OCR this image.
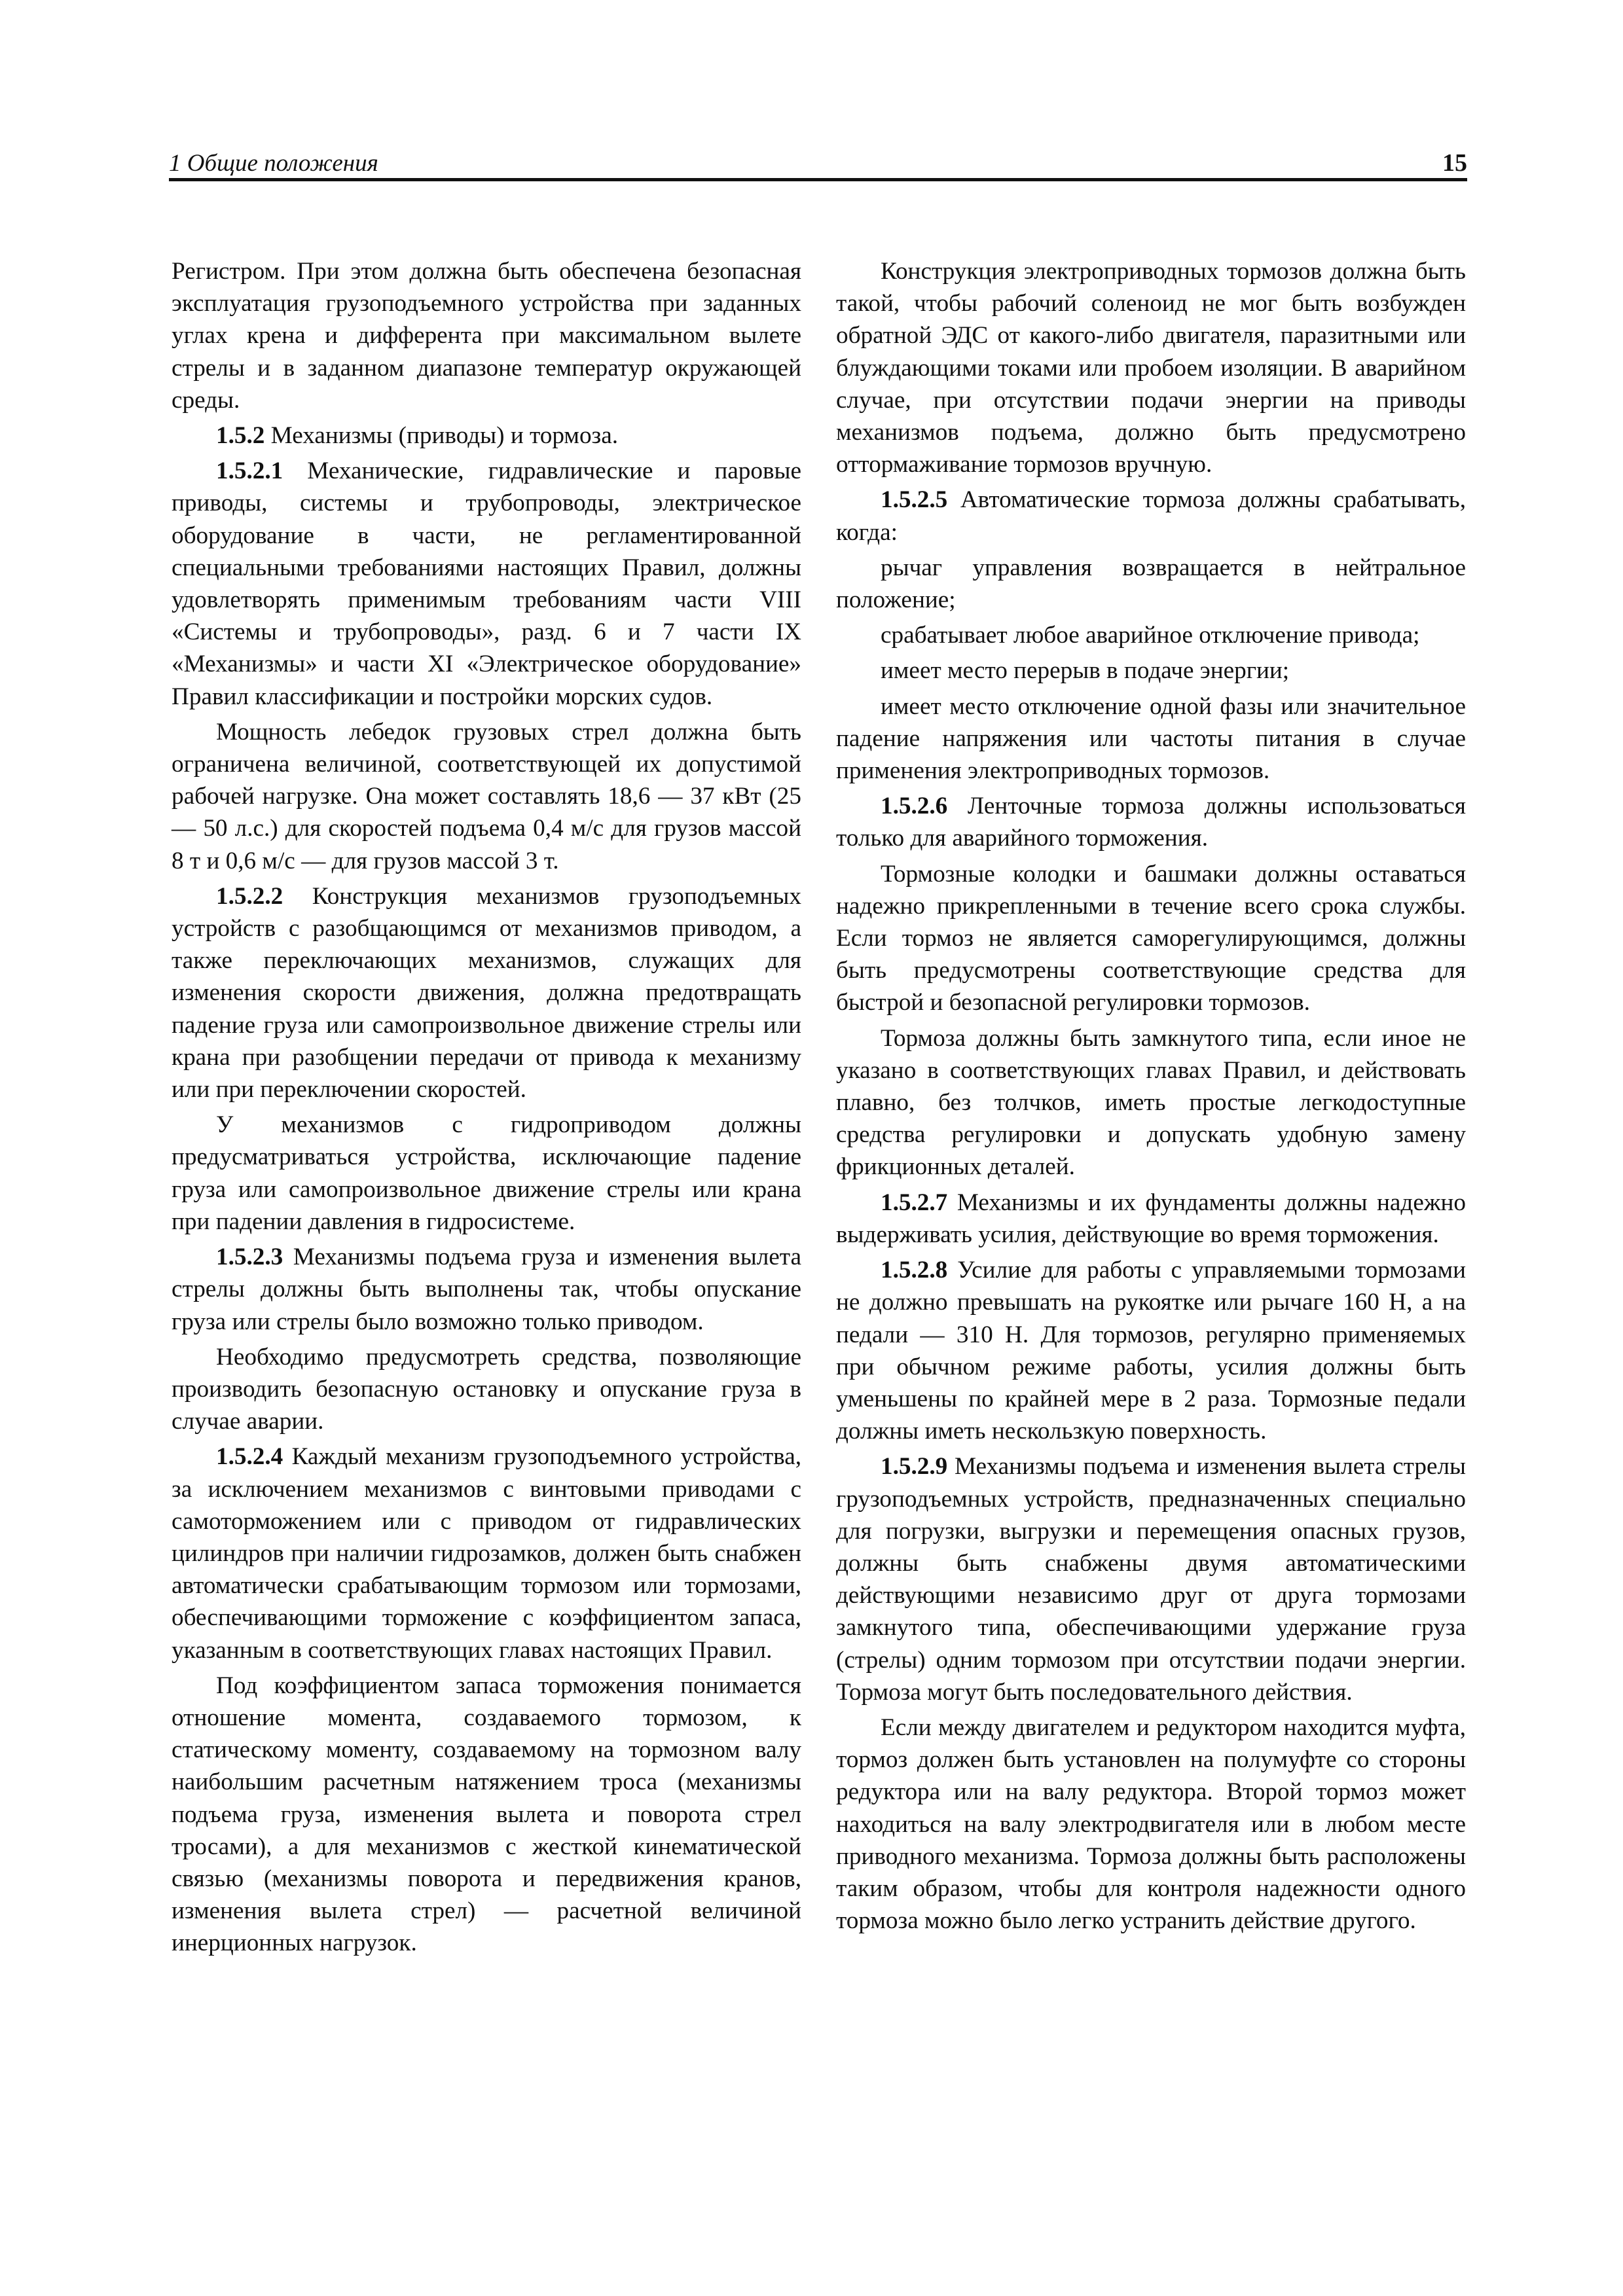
1 Общие положения	15

Регистром. При этом должна быть обеспечена безопасная эксплуатация грузоподъемного устройства при заданных углах крена и дифферента при максимальном вылете стрелы и в заданном диапазоне температур окружающей среды.

1.5.2 Механизмы (приводы) и тормоза.

1.5.2.1 Механические, гидравлические и паровые приводы, системы и трубопроводы, электрическое оборудование в части, не регламентированной специальными требованиями настоящих Правил, должны удовлетворять применимым требованиям части VIII «Системы и трубопроводы», разд. 6 и 7 части IX «Механизмы» и части XI «Электрическое оборудование» Правил классификации и постройки морских судов.

Мощность лебедок грузовых стрел должна быть ограничена величиной, соответствующей их допустимой рабочей нагрузке. Она может составлять 18,6 — 37 кВт (25 — 50 л.с.) для скоростей подъема 0,4 м/с для грузов массой 8 т и 0,6 м/с — для грузов массой 3 т.

1.5.2.2 Конструкция механизмов грузоподъемных устройств с разобщающимся от механизмов приводом, а также переключающих механизмов, служащих для изменения скорости движения, должна предотвращать падение груза или самопроизвольное движение стрелы или крана при разобщении передачи от привода к механизму или при переключении скоростей.

У механизмов с гидроприводом должны предусматриваться устройства, исключающие падение груза или самопроизвольное движение стрелы или крана при падении давления в гидросистеме.

1.5.2.3 Механизмы подъема груза и изменения вылета стрелы должны быть выполнены так, чтобы опускание груза или стрелы было возможно только приводом.

Необходимо предусмотреть средства, позволяющие производить безопасную остановку и опускание груза в случае аварии.

1.5.2.4 Каждый механизм грузоподъемного устройства, за исключением механизмов с винтовыми приводами с самоторможением или с приводом от гидравлических цилиндров при наличии гидрозамков, должен быть снабжен автоматически срабатывающим тормозом или тормозами, обеспечивающими торможение с коэффициентом запаса, указанным в соответствующих главах настоящих Правил.

Под коэффициентом запаса торможения понимается отношение момента, создаваемого тормозом, к статическому моменту, создаваемому на тормозном валу наибольшим расчетным натяжением троса (механизмы подъема груза, изменения вылета и поворота стрел тросами), а для механизмов с жесткой кинематической связью (механизмы поворота и передвижения кранов, изменения вылета стрел) — расчетной величиной инерционных нагрузок.

Конструкция электроприводных тормозов должна быть такой, чтобы рабочий соленоид не мог быть возбужден обратной ЭДС от какого-либо двигателя, паразитными или блуждающими токами или пробоем изоляции. В аварийном случае, при отсутствии подачи энергии на приводы механизмов подъема, должно быть предусмотрено оттормаживание тормозов вручную.

1.5.2.5 Автоматические тормоза должны срабатывать, когда:

рычаг управления возвращается в нейтральное положение;

срабатывает любое аварийное отключение привода;

имеет место перерыв в подаче энергии;

имеет место отключение одной фазы или значительное падение напряжения или частоты питания в случае применения электроприводных тормозов.

1.5.2.6 Ленточные тормоза должны использоваться только для аварийного торможения.

Тормозные колодки и башмаки должны оставаться надежно прикрепленными в течение всего срока службы. Если тормоз не является саморегулирующимся, должны быть предусмотрены соответствующие средства для быстрой и безопасной регулировки тормозов.

Тормоза должны быть замкнутого типа, если иное не указано в соответствующих главах Правил, и действовать плавно, без толчков, иметь простые легкодоступные средства регулировки и допускать удобную замену фрикционных деталей.

1.5.2.7 Механизмы и их фундаменты должны надежно выдерживать усилия, действующие во время торможения.

1.5.2.8 Усилие для работы с управляемыми тормозами не должно превышать на рукоятке или рычаге 160 Н, а на педали — 310 Н. Для тормозов, регулярно применяемых при обычном режиме работы, усилия должны быть уменьшены по крайней мере в 2 раза. Тормозные педали должны иметь нескользкую поверхность.

1.5.2.9 Механизмы подъема и изменения вылета стрелы грузоподъемных устройств, предназначенных специально для погрузки, выгрузки и перемещения опасных грузов, должны быть снабжены двумя автоматическими действующими независимо друг от друга тормозами замкнутого типа, обеспечивающими удержание груза (стрелы) одним тормозом при отсутствии подачи энергии. Тормоза могут быть последовательного действия.

Если между двигателем и редуктором находится муфта, тормоз должен быть установлен на полумуфте со стороны редуктора или на валу редуктора. Второй тормоз может находиться на валу электродвигателя или в любом месте приводного механизма. Тормоза должны быть расположены таким образом, чтобы для контроля надежности одного тормоза можно было легко устранить действие другого.
